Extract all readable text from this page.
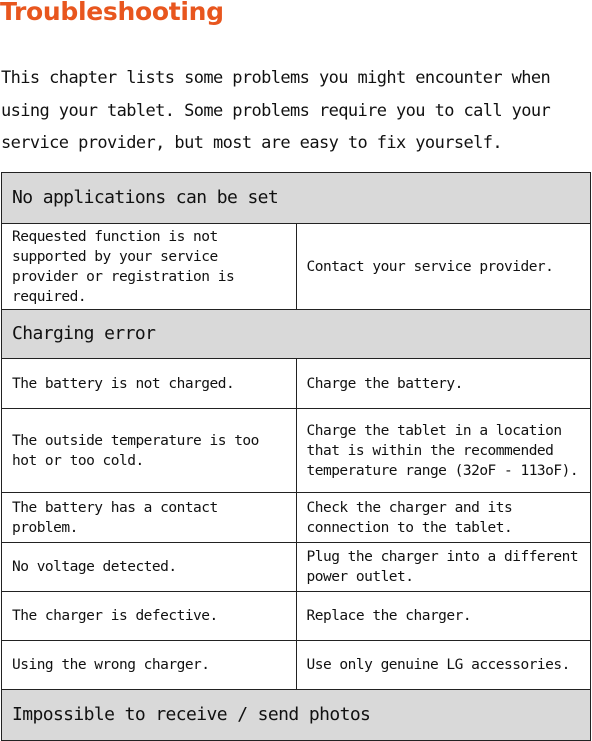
Troubleshooting

This chapter lists some problems you might encounter when using your tablet. Some problems require you to call your service provider, but most are easy to fix yourself.

No applications can be set	
Requested function is not supported by your service provider or registration is required.	Contact your service provider.
Charging error	
The battery is not charged.	Charge the battery.
The outside temperature is too hot or too cold.	Charge the tablet in a location that is within the recommended temperature range (32oF - 113oF).
The battery has a contact problem.	Check the charger and its connection to the tablet.
No voltage detected.	Plug the charger into a different power outlet.
The charger is defective.	Replace the charger.
Using the wrong charger.	Use only genuine LG accessories.
Impossible to receive / send photos	
